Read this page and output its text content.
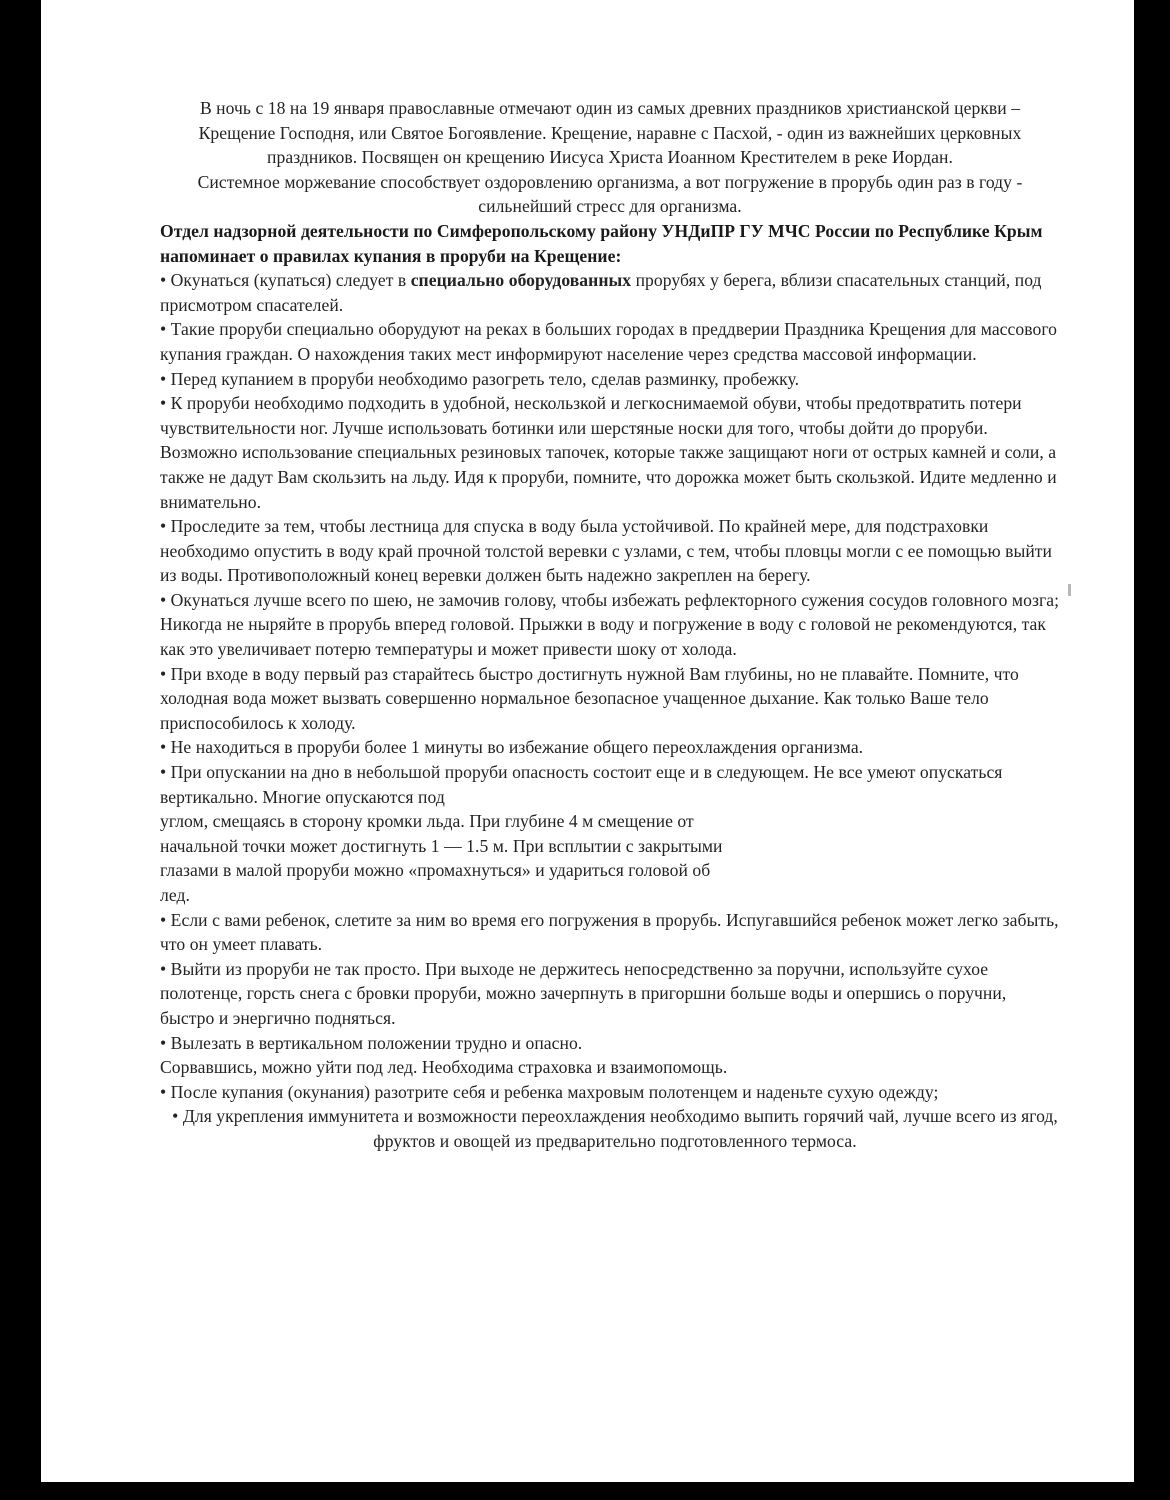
В ночь с 18 на 19 января православные отмечают один из самых древних праздников христианской церкви – Крещение Господня, или Святое Богоявление. Крещение, наравне с Пасхой, - один из важнейших церковных праздников. Посвящен он крещению Иисуса Христа Иоанном Крестителем в реке Иордан.

Системное моржевание способствует оздоровлению организма, а вот погружение в прорубь один раз в году - сильнейший стресс для организма.

Отдел надзорной деятельности по Симферопольскому району УНДиПР ГУ МЧС России по Республике Крым напоминает о правилах купания в проруби на Крещение:

• Окунаться (купаться) следует в специально оборудованных прорубях у берега, вблизи спасательных станций, под присмотром спасателей.

• Такие проруби специально оборудуют на реках в больших городах в преддверии Праздника Крещения для массового купания граждан. О нахождения таких мест информируют население через средства массовой информации.

• Перед купанием в проруби необходимо разогреть тело, сделав разминку, пробежку.

• К проруби необходимо подходить в удобной, нескользкой и легкоснимаемой обуви, чтобы предотвратить потери чувствительности ног. Лучше использовать ботинки или шерстяные носки для того, чтобы дойти до проруби. Возможно использование специальных резиновых тапочек, которые также защищают ноги от острых камней и соли, а также не дадут Вам скользить на льду. Идя к проруби, помните, что дорожка может быть скользкой. Идите медленно и внимательно.

• Проследите за тем, чтобы лестница для спуска в воду была устойчивой. По крайней мере, для подстраховки необходимо опустить в воду край прочной толстой веревки с узлами, с тем, чтобы пловцы могли с ее помощью выйти из воды. Противоположный конец веревки должен быть надежно закреплен на берегу.

• Окунаться лучше всего по шею, не замочив голову, чтобы избежать рефлекторного сужения сосудов головного мозга; Никогда не ныряйте в прорубь вперед головой. Прыжки в воду и погружение в воду с головой не рекомендуются, так как это увеличивает потерю температуры и может привести шоку от холода.

• При входе в воду первый раз старайтесь быстро достигнуть нужной Вам глубины, но не плавайте. Помните, что холодная вода может вызвать совершенно нормальное безопасное учащенное дыхание. Как только Ваше тело приспособилось к холоду.

• Не находиться в проруби более 1 минуты во избежание общего переохлаждения организма.

• При опускании на дно в небольшой проруби опасность состоит еще и в следующем. Не все умеют опускаться вертикально. Многие опускаются под
углом, смещаясь в сторону кромки льда. При глубине 4 м смещение от
начальной точки может достигнуть 1 — 1.5 м. При всплытии с закрытыми
глазами в малой проруби можно «промахнуться» и удариться головой об
лед.

• Если с вами ребенок, слетите за ним во время его погружения в прорубь. Испугавшийся ребенок может легко забыть, что он умеет плавать.

• Выйти из проруби не так просто. При выходе не держитесь непосредственно за поручни, используйте сухое полотенце, горсть снега с бровки проруби, можно зачерпнуть в пригоршни больше воды и опершись о поручни, быстро и энергично подняться.

• Вылезать в вертикальном положении трудно и опасно.
Сорвавшись, можно уйти под лед. Необходима страховка и взаимопомощь.

• После купания (окунания) разотрите себя и ребенка махровым полотенцем и наденьте сухую одежду;

• Для укрепления иммунитета и возможности переохлаждения необходимо выпить горячий чай, лучше всего из ягод, фруктов и овощей из предварительно подготовленного термоса.
